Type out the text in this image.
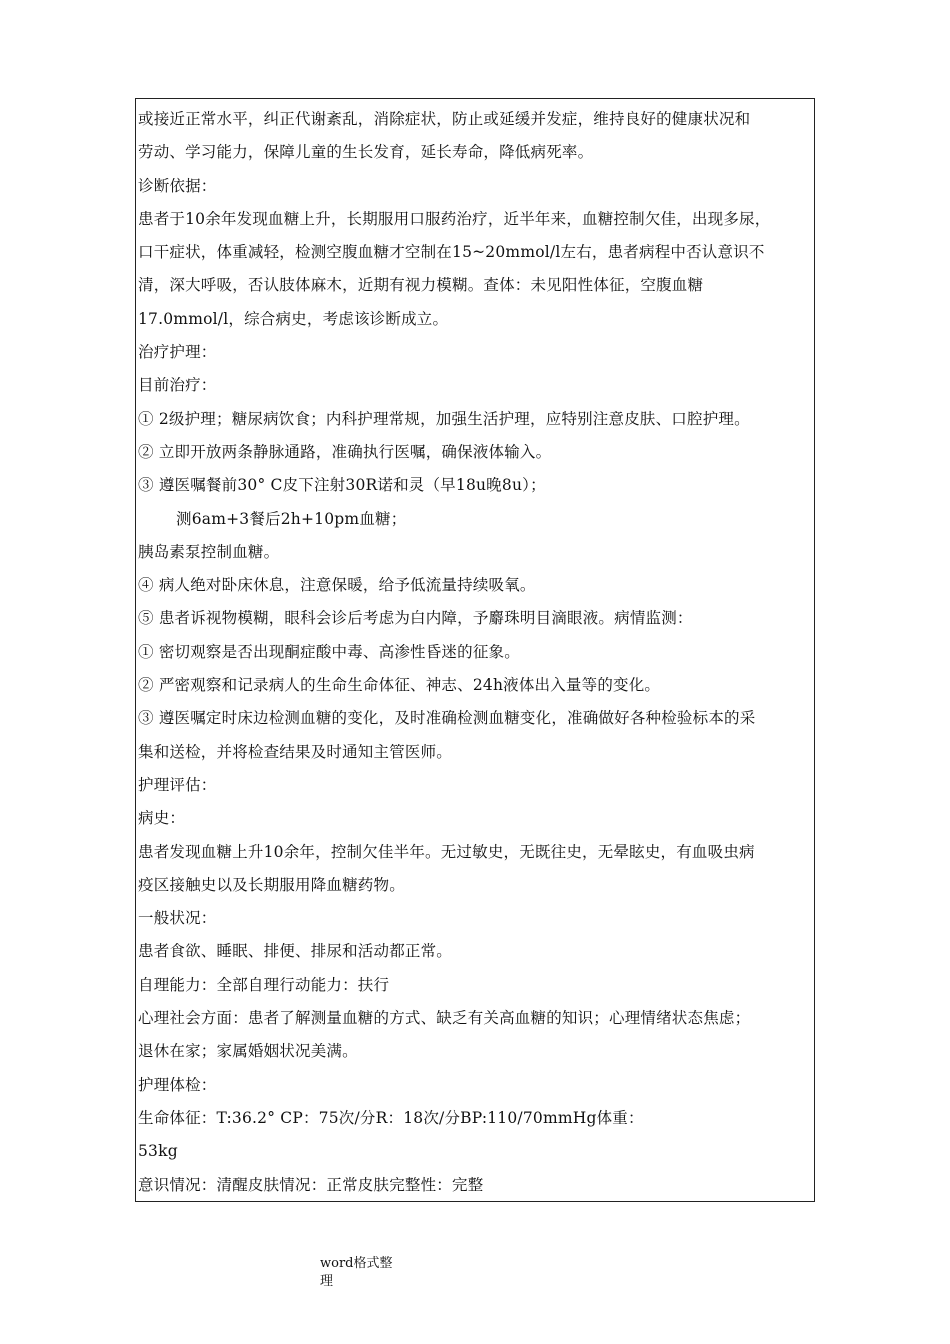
或接近正常水平，纠正代谢紊乱，消除症状，防止或延缓并发症，维持良好的健康状况和
劳动、学习能力，保障儿童的生长发育，延长寿命，降低病死率。
诊断依据：
患者于10余年发现血糖上升，长期服用口服药治疗，近半年来，血糖控制欠佳，出现多尿，
口干症状，体重减轻，检测空腹血糖才空制在15~20mmol/l左右，患者病程中否认意识不
清，深大呼吸，否认肢体麻木，近期有视力模糊。查体：未见阳性体征，空腹血糖
17.0mmol/l，综合病史，考虑该诊断成立。
治疗护理：
目前治疗：
① 2级护理；糖尿病饮食；内科护理常规，加强生活护理，应特别注意皮肤、口腔护理。
② 立即开放两条静脉通路，准确执行医嘱，确保液体输入。
③ 遵医嘱餐前30° C皮下注射30R诺和灵（早18u晚8u）；
测6am+3餐后2h+10pm血糖；
胰岛素泵控制血糖。
④ 病人绝对卧床休息，注意保暖，给予低流量持续吸氧。
⑤ 患者诉视物模糊，眼科会诊后考虑为白内障，予麝珠明目滴眼液。病情监测：
① 密切观察是否出现酮症酸中毒、高渗性昏迷的征象。
② 严密观察和记录病人的生命生命体征、神志、24h液体出入量等的变化。
③ 遵医嘱定时床边检测血糖的变化，及时准确检测血糖变化，准确做好各种检验标本的采
集和送检，并将检查结果及时通知主管医师。
护理评估：
病史：
患者发现血糖上升10余年，控制欠佳半年。无过敏史，无既往史，无晕眩史，有血吸虫病
疫区接触史以及长期服用降血糖药物。
一般状况：
患者食欲、睡眠、排便、排尿和活动都正常。
自理能力：全部自理行动能力：扶行
心理社会方面：患者了解测量血糖的方式、缺乏有关高血糖的知识；心理情绪状态焦虑；
退休在家；家属婚姻状况美满。
护理体检：
生命体征：T:36.2° CP：75次/分R：18次/分BP:110/70mmHg体重：
53kg
意识情况：清醒皮肤情况：正常皮肤完整性：完整
word格式整
理
